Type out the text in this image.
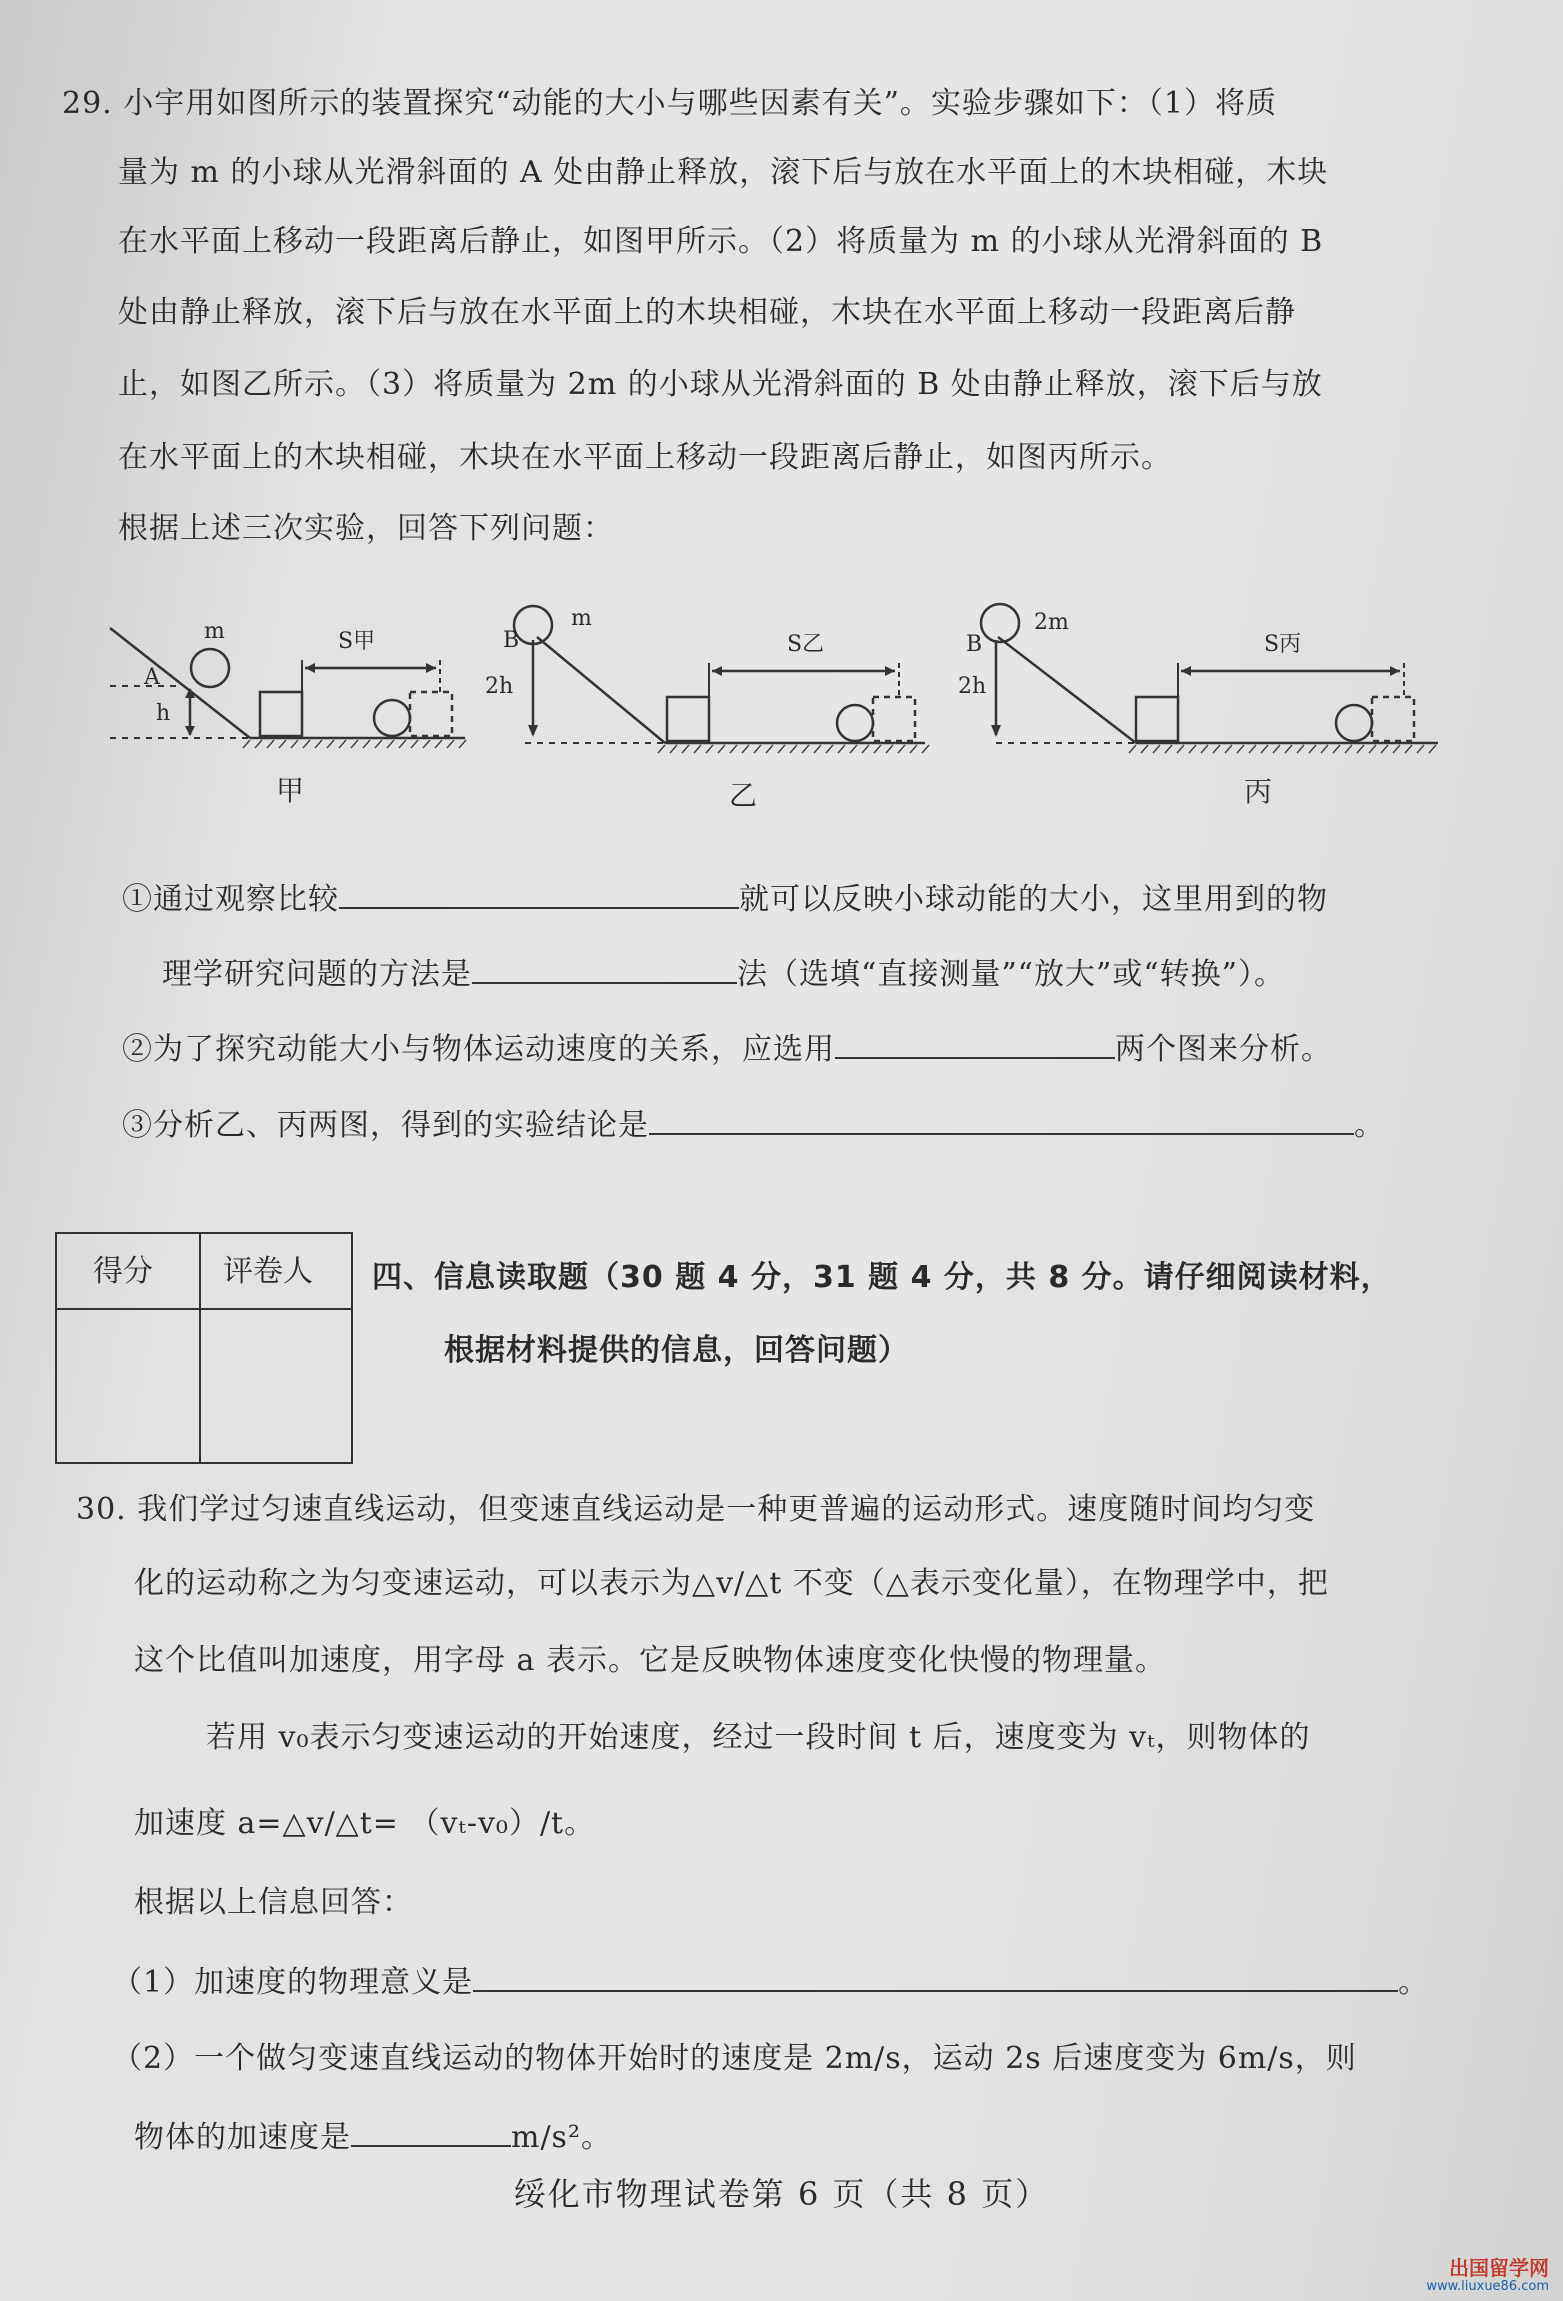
29. 小宇用如图所示的装置探究“动能的大小与哪些因素有关”。实验步骤如下：（1）将质
量为 m 的小球从光滑斜面的 A 处由静止释放，滚下后与放在水平面上的木块相碰，木块
在水平面上移动一段距离后静止，如图甲所示。（2）将质量为 m 的小球从光滑斜面的 B
处由静止释放，滚下后与放在水平面上的木块相碰，木块在水平面上移动一段距离后静
止，如图乙所示。（3）将质量为 2m 的小球从光滑斜面的 B 处由静止释放，滚下后与放
在水平面上的木块相碰，木块在水平面上移动一段距离后静止，如图丙所示。
根据上述三次实验，回答下列问题：
m
A
h
S甲
甲
m
B
2h
S乙
乙
2m
B
2h
S丙
丙
①通过观察比较	就可以反映小球动能的大小，这里用到的物
理学研究问题的方法是	法（选填“直接测量”“放大”或“转换”）。
②为了探究动能大小与物体运动速度的关系，应选用	两个图来分析。
③分析乙、丙两图，得到的实验结论是	。
得分 评卷人 四、信息读取题（30 题 4 分，31 题 4 分，共 8 分。请仔细阅读材料，
根据材料提供的信息，回答问题）
30. 我们学过匀速直线运动，但变速直线运动是一种更普遍的运动形式。速度随时间均匀变
化的运动称之为匀变速运动，可以表示为△v/△t 不变（△表示变化量），在物理学中，把
这个比值叫加速度，用字母 a 表示。它是反映物体速度变化快慢的物理量。
若用 v₀表示匀变速运动的开始速度，经过一段时间 t 后，速度变为 vₜ，则物体的
加速度 a=△v/△t= （vₜ-v₀）/t。
根据以上信息回答：
（1）加速度的物理意义是	。
（2）一个做匀变速直线运动的物体开始时的速度是 2m/s，运动 2s 后速度变为 6m/s，则
物体的加速度是	m/s²。
绥化市物理试卷第 6 页（共 8 页）
出国留学网
www.liuxue86.com
